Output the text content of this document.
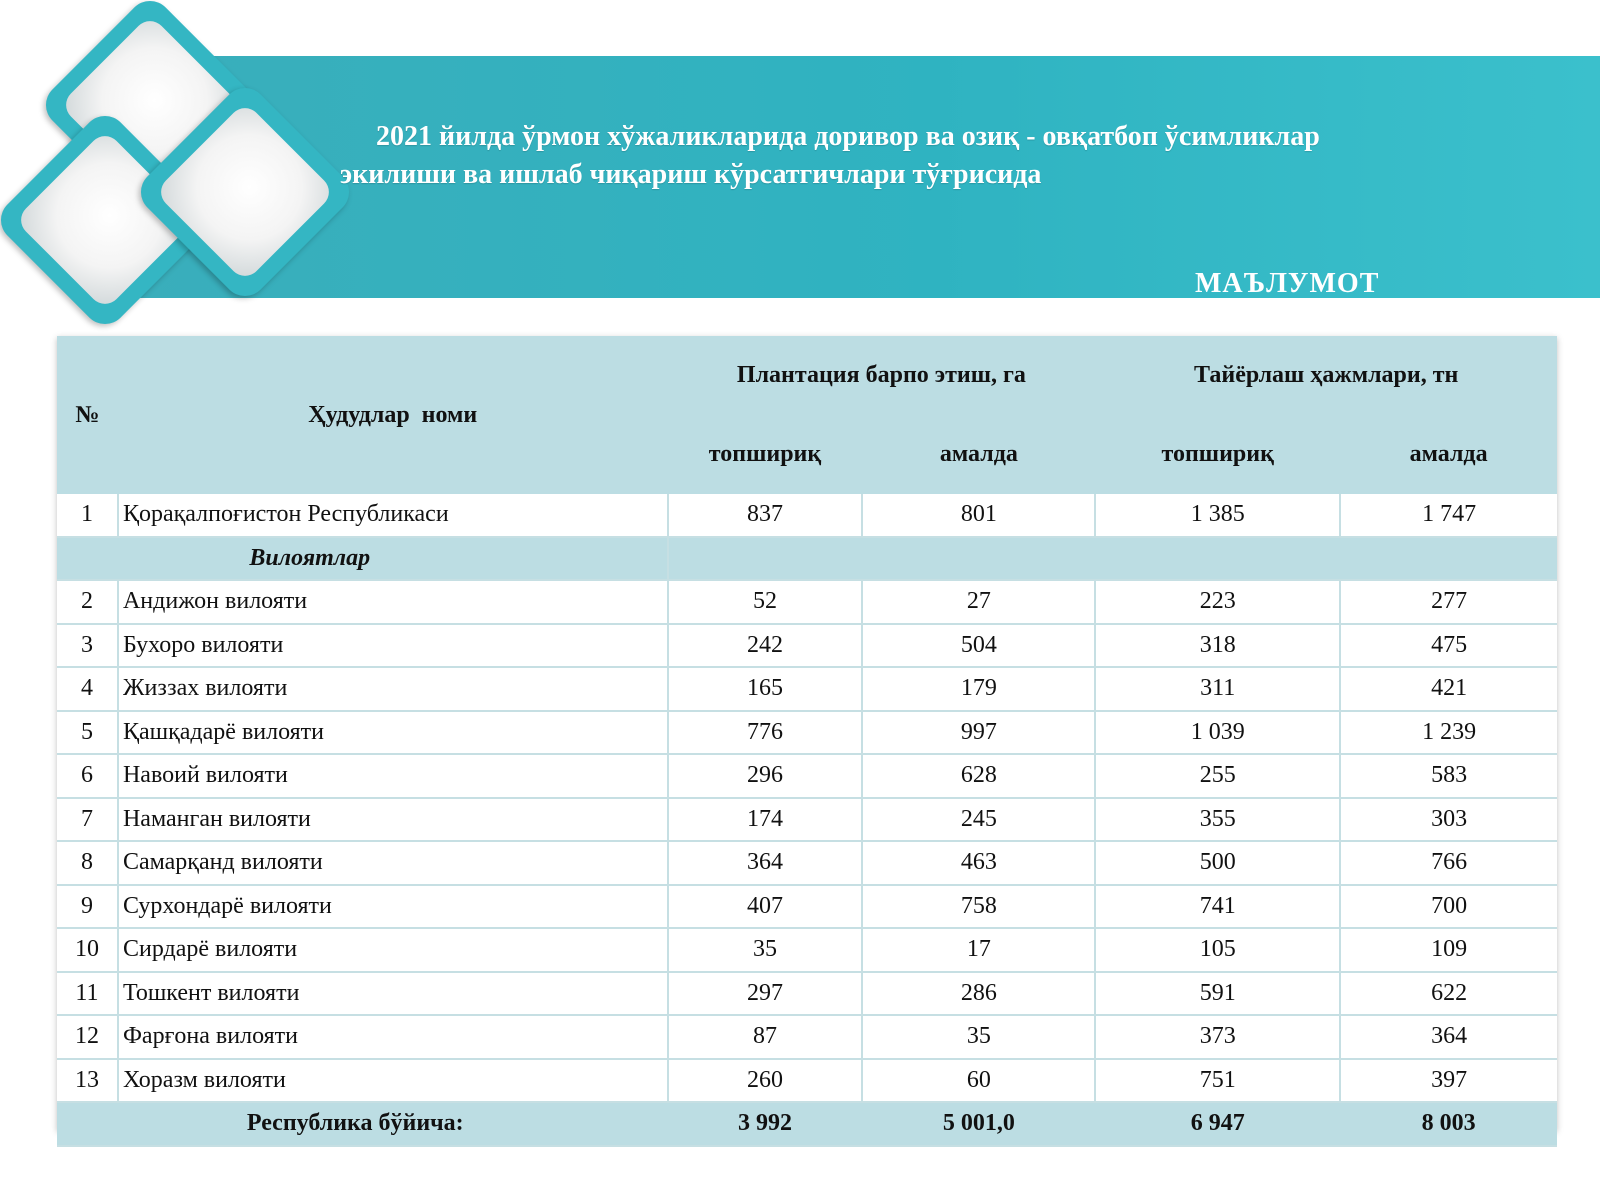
2021 йилда ўрмон хўжаликларида доривор ва озиқ - овқатбоп ўсимликлар
экилиши ва ишлаб чиқариш кўрсатгичлари тўғрисида
МАЪЛУМОТ
№	Ҳудудлар  номи	Плантация барпо этиш, га		Тайёрлаш ҳажмлари, тн	
		топшириқ	амалда	топшириқ	амалда
1	Қорақалпоғистон Республикаси	837	801	1 385	1 747
Вилоятлар					
2	Андижон вилояти	52	27	223	277
3	Бухоро вилояти	242	504	318	475
4	Жиззах вилояти	165	179	311	421
5	Қашқадарё вилояти	776	997	1 039	1 239
6	Навоий вилояти	296	628	255	583
7	Наманган вилояти	174	245	355	303
8	Самарқанд вилояти	364	463	500	766
9	Сурхондарё вилояти	407	758	741	700
10	Сирдарё вилояти	35	17	105	109
11	Тошкент вилояти	297	286	591	622
12	Фарғона вилояти	87	35	373	364
13	Хоразм вилояти	260	60	751	397
Республика бўйича:		3 992	5 001,0	6 947	8 003
